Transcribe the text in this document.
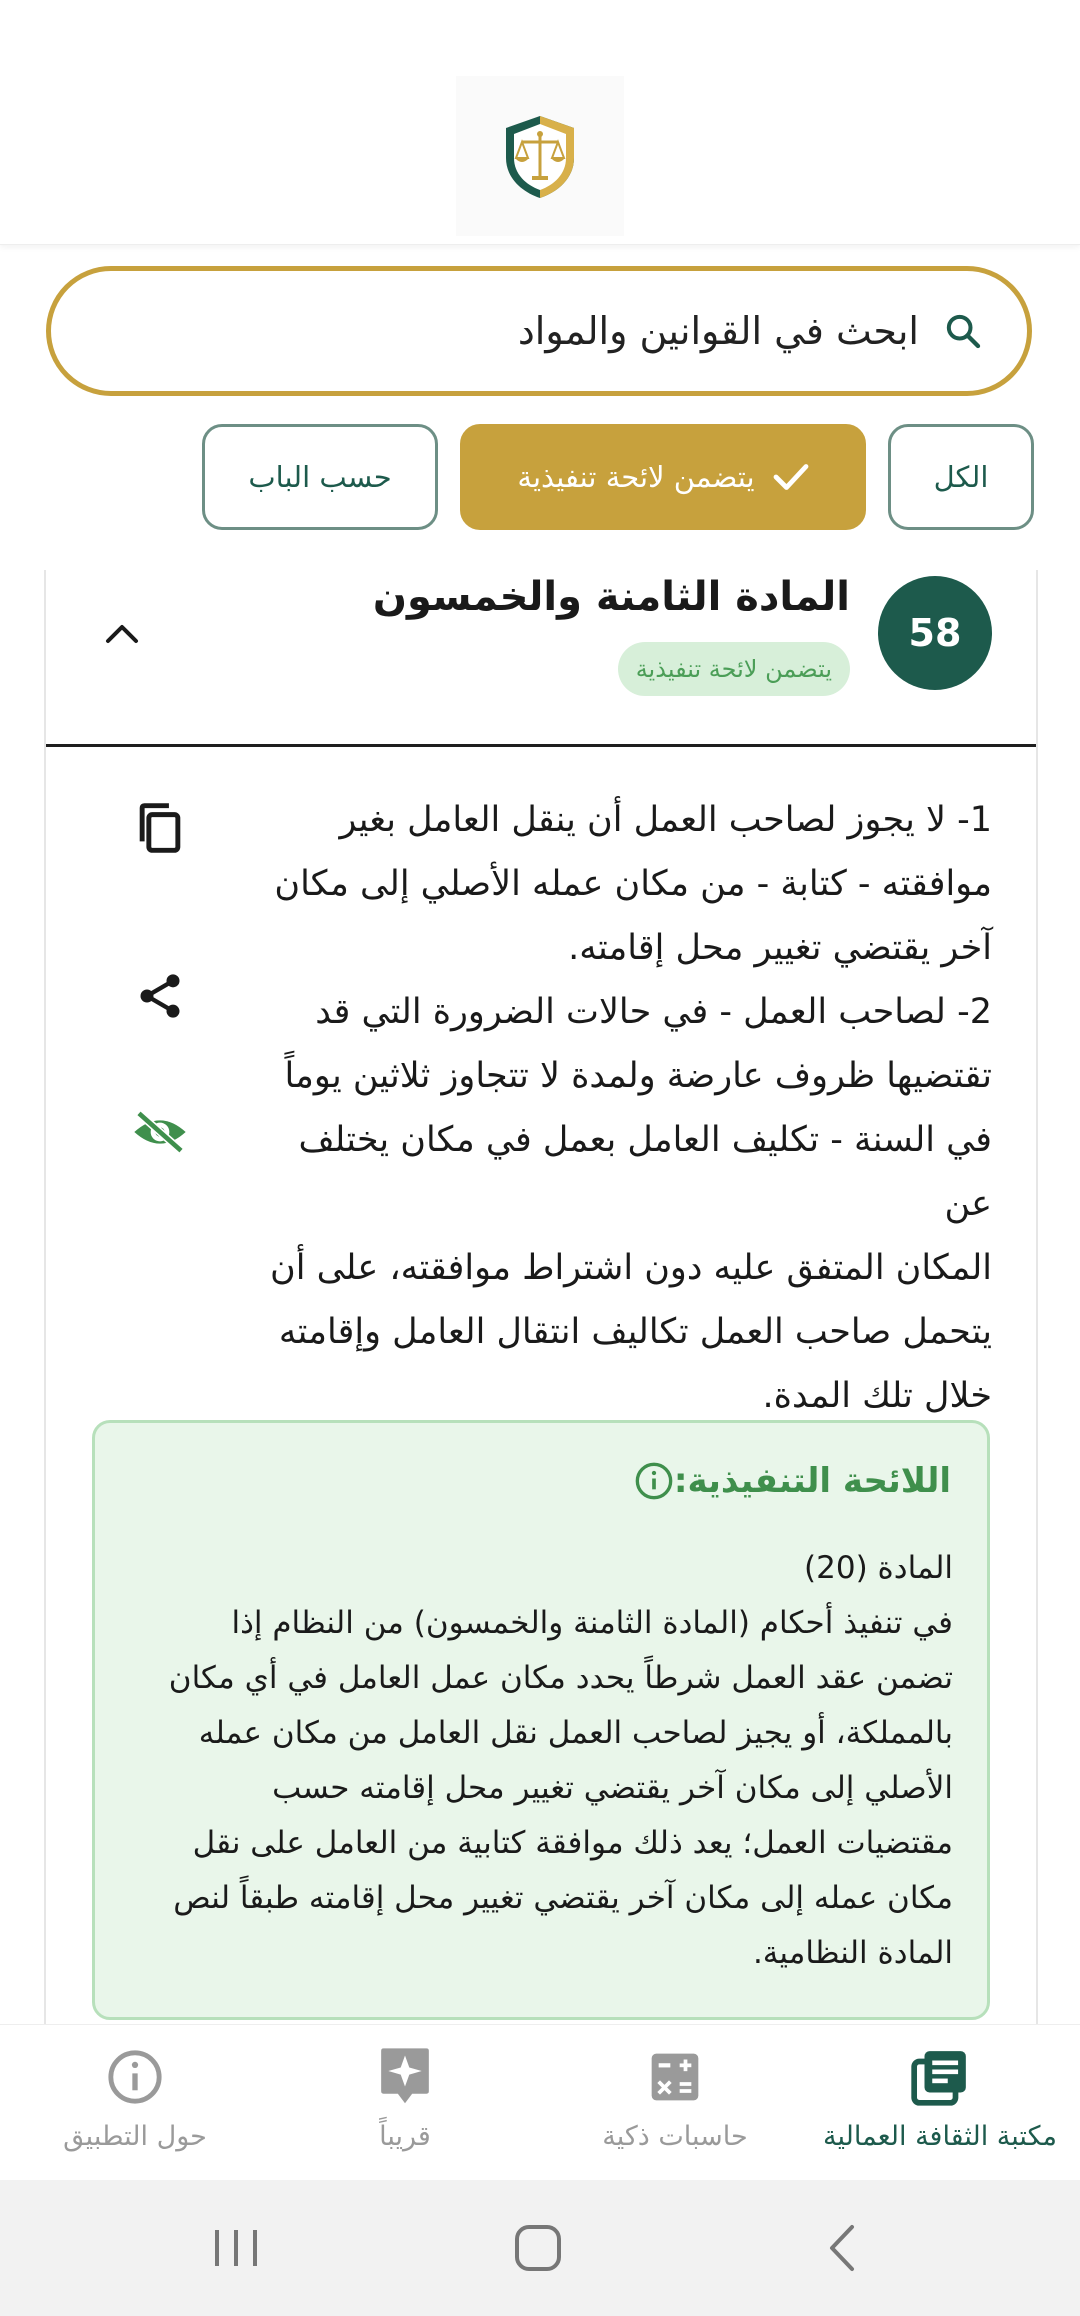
ابحث في القوانين والمواد
الكل
يتضمن لائحة تنفيذية
حسب الباب
58
المادة الثامنة والخمسون
يتضمن لائحة تنفيذية
1- لا يجوز لصاحب العمل أن ينقل العامل بغير
موافقته - كتابة - من مكان عمله الأصلي إلى مكان
آخر يقتضي تغيير محل إقامته.
2- لصاحب العمل - في حالات الضرورة التي قد
تقتضيها ظروف عارضة ولمدة لا تتجاوز ثلاثين يوماً
في السنة - تكليف العامل بعمل في مكان يختلف عن
المكان المتفق عليه دون اشتراط موافقته، على أن
يتحمل صاحب العمل تكاليف انتقال العامل وإقامته
خلال تلك المدة.
اللائحة التنفيذية:
المادة (20)
في تنفيذ أحكام (المادة الثامنة والخمسون) من النظام إذا
تضمن عقد العمل شرطاً يحدد مكان عمل العامل في أي مكان
بالمملكة، أو يجيز لصاحب العمل نقل العامل من مكان عمله
الأصلي إلى مكان آخر يقتضي تغيير محل إقامته حسب
مقتضيات العمل؛ يعد ذلك موافقة كتابية من العامل على نقل
مكان عمله إلى مكان آخر يقتضي تغيير محل إقامته طبقاً لنص
المادة النظامية.
مكتبة الثقافة العمالية
حاسبات ذكية
قريباً
حول التطبيق
